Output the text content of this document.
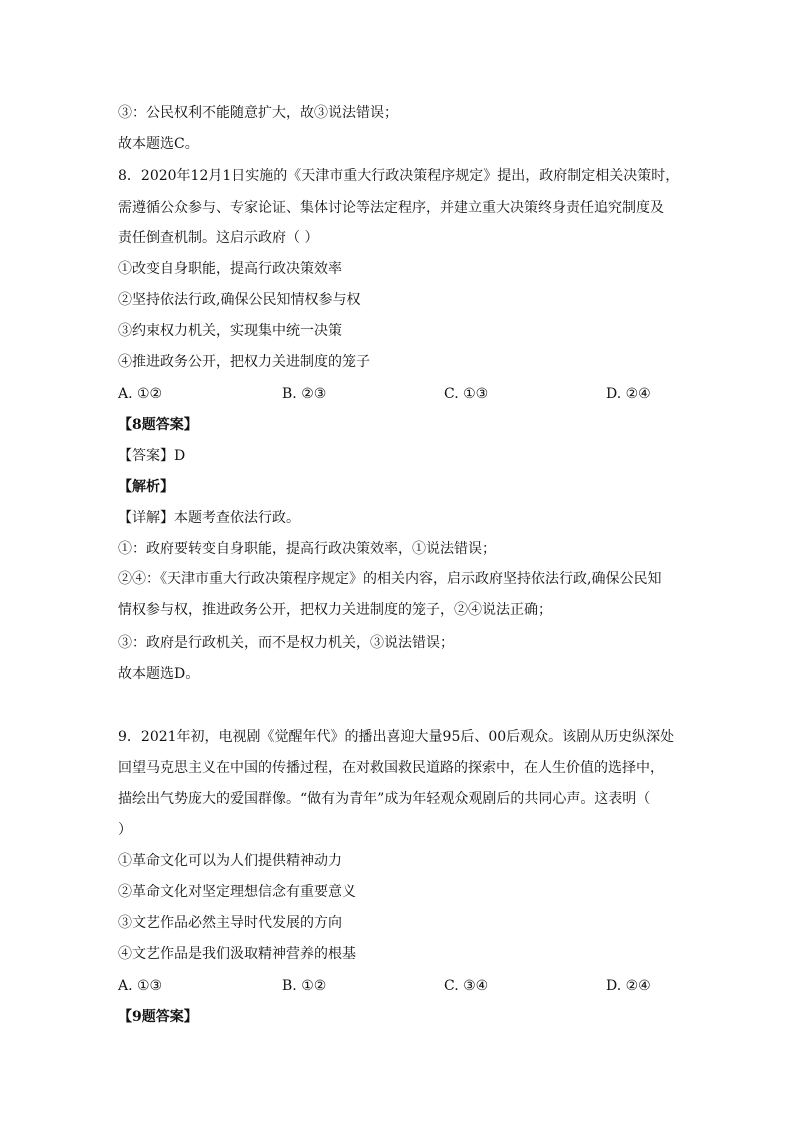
③：公民权利不能随意扩大，故③说法错误；
故本题选C。
8．2020年12月1日实施的《天津市重大行政决策程序规定》提出，政府制定相关决策时，
需遵循公众参与、专家论证、集体讨论等法定程序，并建立重大决策终身责任追究制度及
责任倒查机制。这启示政府（ ）
①改变自身职能，提高行政决策效率
②坚持依法行政,确保公民知情权参与权
③约束权力机关，实现集中统一决策
④推进政务公开，把权力关进制度的笼子
A. ①②	B. ②③	C. ①③	D. ②④
【8题答案】
【答案】D
【解析】
【详解】本题考查依法行政。
①：政府要转变自身职能，提高行政决策效率，①说法错误；
②④：《天津市重大行政决策程序规定》的相关内容，启示政府坚持依法行政,确保公民知
情权参与权，推进政务公开，把权力关进制度的笼子，②④说法正确；
③：政府是行政机关，而不是权力机关，③说法错误；
故本题选D。
9．2021年初，电视剧《觉醒年代》的播出喜迎大量95后、00后观众。该剧从历史纵深处
回望马克思主义在中国的传播过程，在对救国救民道路的探索中，在人生价值的选择中，
描绘出气势庞大的爱国群像。“做有为青年”成为年轻观众观剧后的共同心声。这表明（
）
①革命文化可以为人们提供精神动力
②革命文化对坚定理想信念有重要意义
③文艺作品必然主导时代发展的方向
④文艺作品是我们汲取精神营养的根基
A. ①③	B. ①②	C. ③④	D. ②④
【9题答案】
